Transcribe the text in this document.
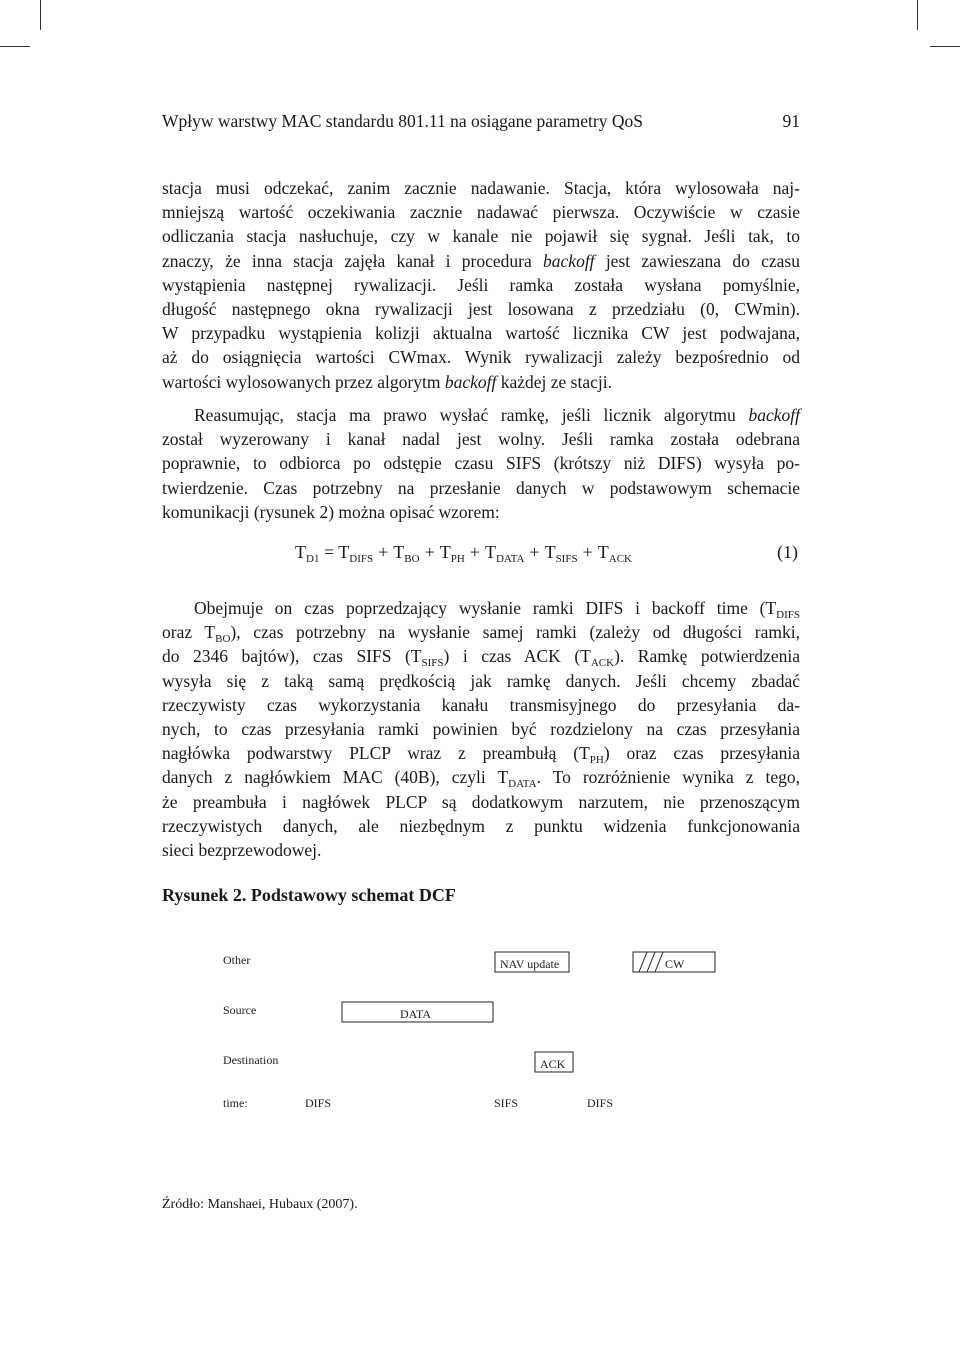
Wpływ warstwy MAC standardu 801.11 na osiągane parametry QoS	91
stacja musi odczekać, zanim zacznie nadawanie. Stacja, która wylosowała naj-
mniejszą wartość oczekiwania zacznie nadawać pierwsza. Oczywiście w czasie
odliczania stacja nasłuchuje, czy w kanale nie pojawił się sygnał. Jeśli tak, to
znaczy, że inna stacja zajęła kanał i procedura backoff jest zawieszana do czasu
wystąpienia następnej rywalizacji. Jeśli ramka została wysłana pomyślnie,
długość następnego okna rywalizacji jest losowana z przedziału (0, CWmin).
W przypadku wystąpienia kolizji aktualna wartość licznika CW jest podwajana,
aż do osiągnięcia wartości CWmax. Wynik rywalizacji zależy bezpośrednio od
wartości wylosowanych przez algorytm backoff każdej ze stacji.
Reasumując, stacja ma prawo wysłać ramkę, jeśli licznik algorytmu backoff
został wyzerowany i kanał nadal jest wolny. Jeśli ramka została odebrana
poprawnie, to odbiorca po odstępie czasu SIFS (krótszy niż DIFS) wysyła po-
twierdzenie. Czas potrzebny na przesłanie danych w podstawowym schemacie
komunikacji (rysunek 2) można opisać wzorem:
$T_{D1} = T_{DIFS} + T_{BO} + T_{PH} + T_{DATA} + T_{SIFS} + T_{ACK}$	(1)
Obejmuje on czas poprzedzający wysłanie ramki DIFS i backoff time ($T_{DIFS}$
oraz $T_{BO}$), czas potrzebny na wysłanie samej ramki (zależy od długości ramki,
do 2346 bajtów), czas SIFS $(T_{SIFS})$ i czas ACK $(T_{ACK})$. Ramkę potwierdzenia
wysyła się z taką samą prędkością jak ramkę danych. Jeśli chcemy zbadać
rzeczywisty czas wykorzystania kanału transmisyjnego do przesyłania da-
nych, to czas przesyłania ramki powinien być rozdzielony na czas przesyłania
nagłówka podwarstwy PLCP wraz z preambułą $(T_{PH})$ oraz czas przesyłania
danych z nagłówkiem MAC (40B), czyli $T_{DATA}$. To rozróżnienie wynika z tego,
że preambuła i nagłówek PLCP są dodatkowym narzutem, nie przenoszącym
rzeczywistych danych, ale niezbędnym z punktu widzenia funkcjonowania
sieci bezprzewodowej.
Rysunek 2. Podstawowy schemat DCF
Other
Source
Destination
time:
NAV update	CW
DATA
ACK
DIFS	SIFS	DIFS
Źródło: Manshaei, Hubaux (2007).
